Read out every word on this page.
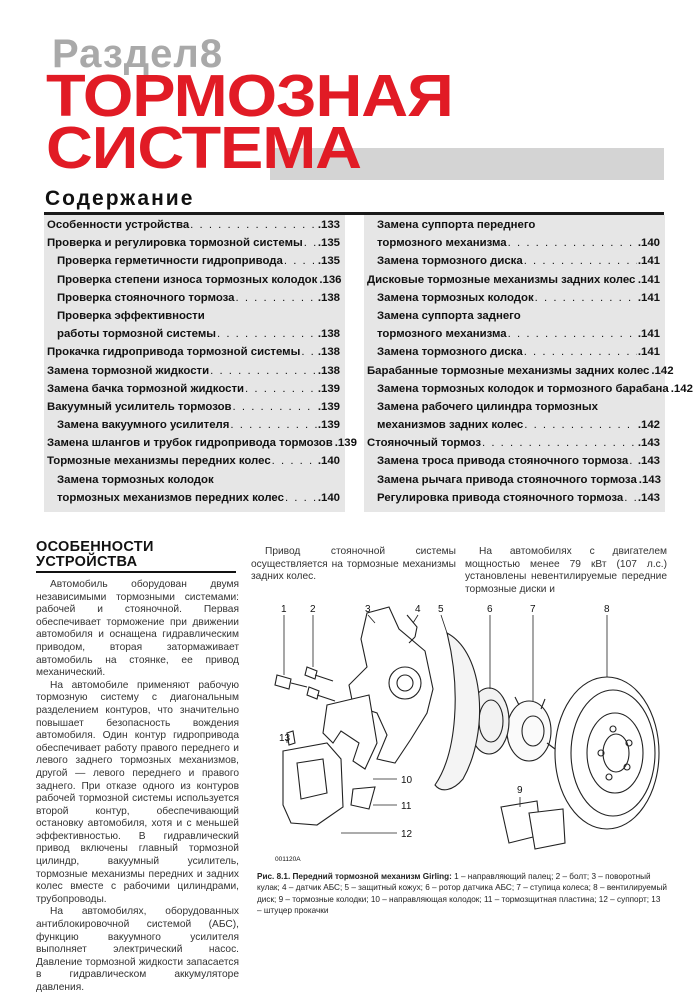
Раздел8
ТОРМОЗНАЯ
СИСТЕМА
Содержание
Особенности устройства . . .	.133
Проверка и регулировка тормозной системы . . . .135
Проверка герметичности гидропривода . . .	.135
Проверка степени износа тормозных колодок .136
Проверка стояночного тормоза . . .	.138
Проверка эффективности
работы тормозной системы . . .	.138
Прокачка гидропривода тормозной системы . . . .138
Замена тормозной жидкости . . .	.138
Замена бачка тормозной жидкости . . .	.139
Вакуумный усилитель тормозов . . .	.139
Замена вакуумного усилителя . . .	.139
Замена шлангов и трубок гидропривода тормозов .139
Тормозные механизмы передних колес . . .	.140
Замена тормозных колодок
тормозных механизмов передних колес . . .	.140
Замена суппорта переднего
тормозного механизма . . .	.140
Замена тормозного диска . . .	.141
Дисковые тормозные механизмы задних колес . . . .141
Замена тормозных колодок . . .	.141
Замена суппорта заднего
тормозного механизма . . .	.141
Замена тормозного диска . . .	.141
Барабанные тормозные механизмы задних колес .142
Замена тормозных колодок и тормозного барабана .142
Замена рабочего цилиндра тормозных
механизмов задних колес . . .	.142
Стояночный тормоз . . .	.143
Замена троса привода стояночного тормоза . . . .143
Замена рычага привода стояночного тормоза .143
Регулировка привода стояночного тормоза . . . .143
ОСОБЕННОСТИ
УСТРОЙСТВА

Автомобиль оборудован двумя независимыми тормозными системами: рабочей и стояночной. Первая обеспечивает торможение при движении автомобиля и оснащена гидравлическим приводом, вторая затормаживает автомобиль на стоянке, ее привод механический.

На автомобиле применяют рабочую тормозную систему с диагональным разделением контуров, что значительно повышает безопасность вождения автомобиля. Один контур гидропривода обеспечивает работу правого переднего и левого заднего тормозных механизмов, другой — левого переднего и правого заднего. При отказе одного из контуров рабочей тормозной системы используется второй контур, обеспечивающий остановку автомобиля, хотя и с меньшей эффективностью. В гидравлический привод включены главный тормозной цилиндр, вакуумный усилитель, тормозные механизмы передних и задних колес вместе с рабочими цилиндрами, трубопроводы.

На автомобилях, оборудованных антиблокировочной системой (АБС), функцию вакуумного усилителя выполняет электрический насос. Давление тормозной жидкости запасается в гидравлическом аккумуляторе давления.

Привод стояночной системы осуществляется на тормозные механизмы задних колес.

На автомобилях с двигателем мощностью менее 79 кВт (107 л.с.) установлены невентилируемые передние тормозные диски и

1 2	3	4 5	6	7	8
9
10
11
12
13
001120A
Рис. 8.1. Передний тормозной механизм Girling: 1 – направляющий палец; 2 – болт; 3 – поворотный кулак; 4 – датчик АБС; 5 – защитный кожух; 6 – ротор датчика АБС; 7 – ступица колеса; 8 – вентилируемый диск; 9 – тормозные колодки; 10 – направляющая колодок; 11 – тормозщитная пластина; 12 – суппорт; 13 – штуцер прокачки
